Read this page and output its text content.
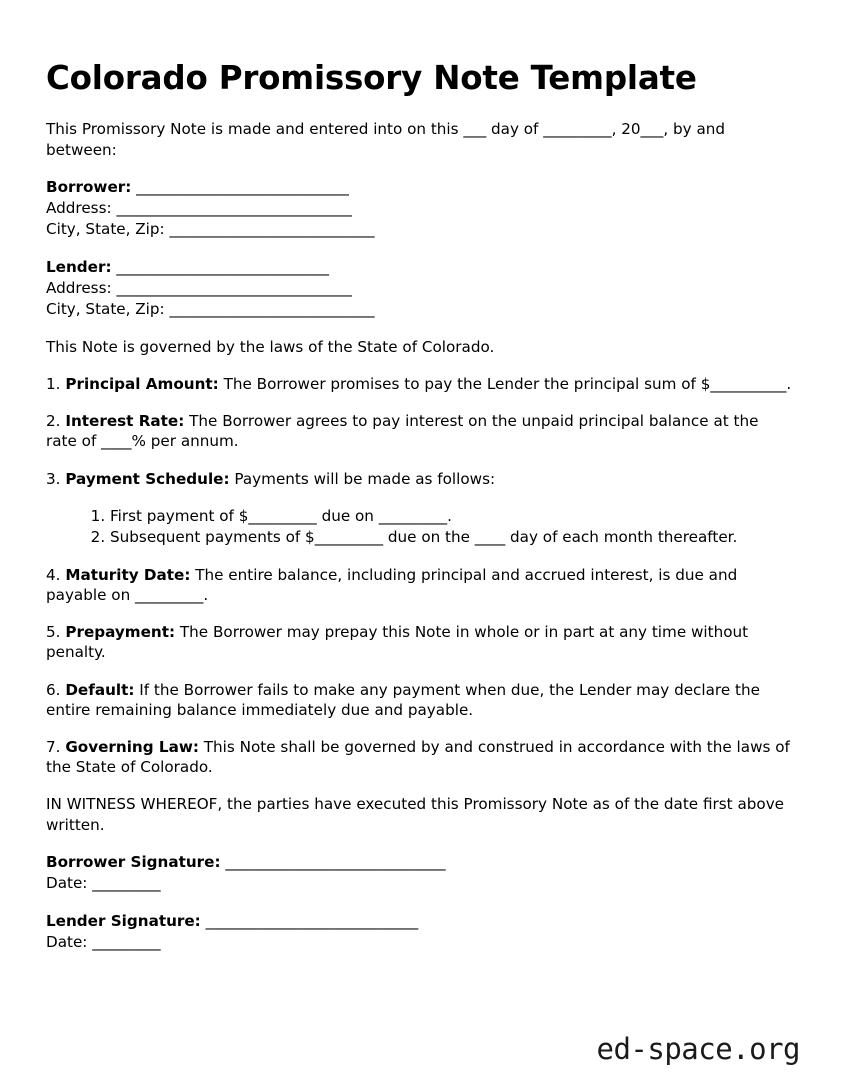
Colorado Promissory Note Template

This Promissory Note is made and entered into on this ___ day of _________, 20___, by and between:

Borrower: ____________________________
Address: _______________________________
City, State, Zip: ___________________________
Lender: ____________________________
Address: _______________________________
City, State, Zip: ___________________________

This Note is governed by the laws of the State of Colorado.

1. Principal Amount: The Borrower promises to pay the Lender the principal sum of $__________.
2. Interest Rate: The Borrower agrees to pay interest on the unpaid principal balance at the rate of ____% per annum.
3. Payment Schedule: Payments will be made as follows:
1. First payment of $_________ due on _________.
2. Subsequent payments of $_________ due on the ____ day of each month thereafter.
4. Maturity Date: The entire balance, including principal and accrued interest, is due and payable on _________.
5. Prepayment: The Borrower may prepay this Note in whole or in part at any time without penalty.
6. Default: If the Borrower fails to make any payment when due, the Lender may declare the entire remaining balance immediately due and payable.
7. Governing Law: This Note shall be governed by and construed in accordance with the laws of the State of Colorado.

IN WITNESS WHEREOF, the parties have executed this Promissory Note as of the date first above written.

Borrower Signature: _____________________________
Date: _________
Lender Signature: ____________________________
Date: _________
ed-space.org
